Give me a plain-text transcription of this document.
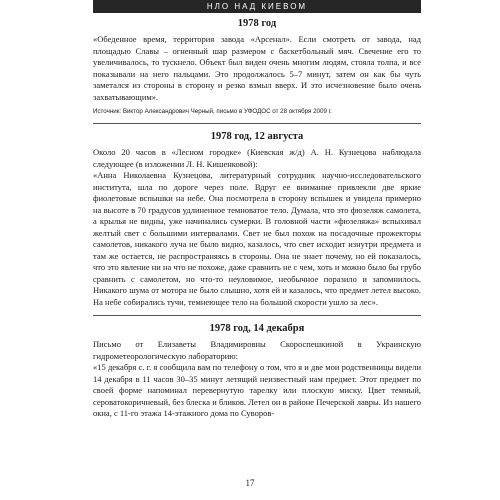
НЛО НАД КИЕВОМ
1978 год

«Обеденное время, территория завода «Арсенал». Если смотреть от завода, над площадью Славы – огненный шар размером с баскетбольный мяч. Свечение его то увеличивалось, то тускнело. Объект был виден очень многим людям, стояла толпа, и все показывали на него пальцами. Это продолжалось 5–7 минут, затем он как бы чуть заметался из стороны в сторону и резко взмыл вверх. И это исчезновение было очень захватывающим».

Источник: Виктор Александрович Черный, письмо в УФОДОС от 28 октября 2009 г.

1978 год, 12 августа

Около 20 часов в «Лесном городке» (Киевская ж/д) А. Н. Кузнецова наблюдала следующее (в изложении Л. Н. Кишенковой):

«Анна Николаевна Кузнецова, литературный сотрудник научно-исследовательского института, шла по дороге через поле. Вдруг ее внимание привлекли две яркие фиолетовые вспышки на небе. Она посмотрела в сторону вспышек и увидела примерно на высоте в 70 градусов удлиненное темноватое тело. Думала, что это фюзеляж самолета, а крылья не видны, уже начинались сумерки. В головной части «фюзеляжа» вспыхивал желтый свет с большими интервалами. Свет не был похож на посадочные прожекторы самолетов, никакого луча не было видно, казалось, что свет исходит изнутри предмета и там же остается, не распространяясь в стороны. Она не знает почему, но ей показалось, что это явление ни на что не похоже, даже сравнить не с чем, хоть и можно было бы грубо сравнить с самолетом, но что-то неуловимое, необычное поразило и запомнилось. Никакого шума от мотора не было слышно, хотя ей и казалось, что предмет летел высоко. На небе собирались тучи, темнеющее тело на большой скорости ушло за лес».

1978 год, 14 декабря

Письмо от Елизаветы Владимировны Скороспешкиной в Украинскую гидрометеорологическую лабораторию:

«15 декабря с. г. я сообщила вам по телефону о том, что я и две мои родственницы видели 14 декабря в 11 часов 30–35 минут летящий неизвестный нам предмет. Этот предмет по своей форме напоминал перевернутую тарелку или плоскую миску. Цвет темный, сероватокоричневый, без блеска и бликов. Летел он в районе Печерской лавры. Из нашего окна, с 11-го этажа 14-этажного дома по Суворов-

17
